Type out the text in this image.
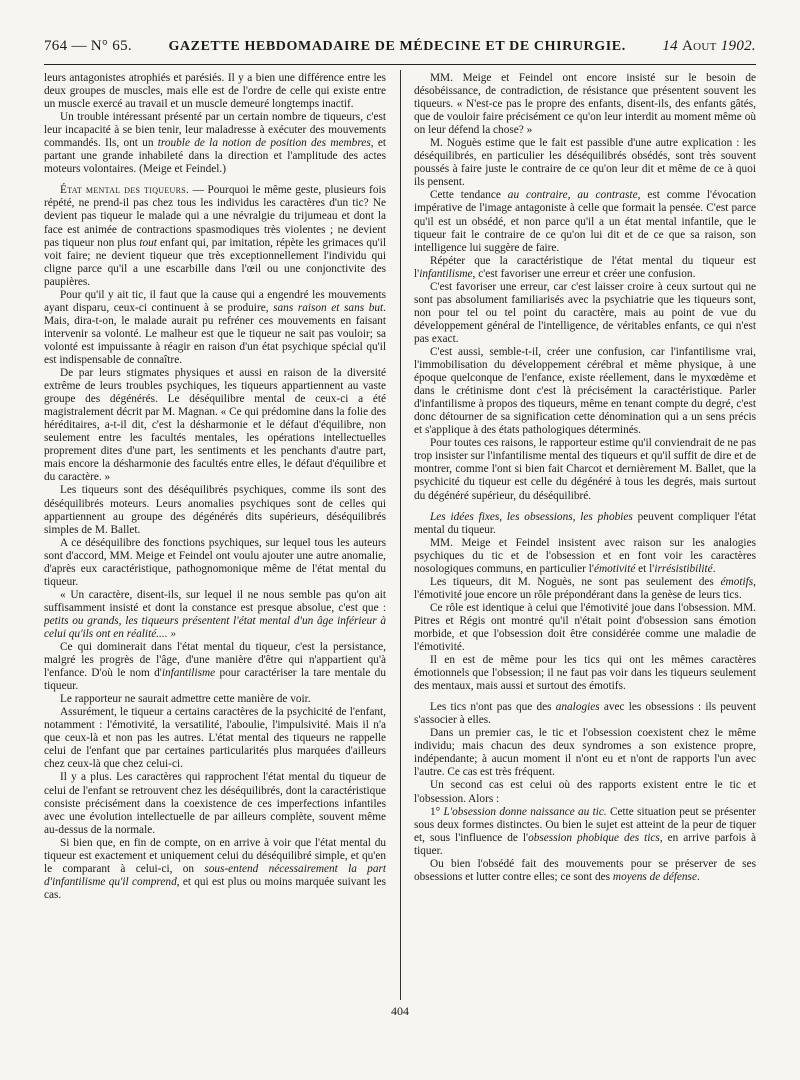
764 — N° 65.	GAZETTE HEBDOMADAIRE DE MÉDECINE ET DE CHIRURGIE. 14 Aout 1902.

leurs antagonistes atrophiés et parésiés. Il y a bien une différence entre les deux groupes de muscles, mais elle est de l'ordre de celle qui existe entre un muscle exercé au travail et un muscle demeuré longtemps inactif.

Un trouble intéressant présenté par un certain nombre de tiqueurs, c'est leur incapacité à se bien tenir, leur maladresse à exécuter des mouvements commandés. Ils, ont un trouble de la notion de position des membres, et partant une grande inhabileté dans la direction et l'amplitude des actes moteurs volontaires. (Meige et Feindel.)

État mental des tiqueurs. — Pourquoi le même geste, plusieurs fois répété, ne prend-il pas chez tous les individus les caractères d'un tic? Ne devient pas tiqueur le malade qui a une névralgie du trijumeau et dont la face est animée de contractions spasmodiques très violentes ; ne devient pas tiqueur non plus tout enfant qui, par imitation, répète les grimaces qu'il voit faire; ne devient tiqueur que très exceptionnellement l'individu qui cligne parce qu'il a une escarbille dans l'œil ou une conjonctivite des paupières.

Pour qu'il y ait tic, il faut que la cause qui a engendré les mouvements ayant disparu, ceux-ci continuent à se produire, sans raison et sans but. Mais, dira-t-on, le malade aurait pu refréner ces mouvements en faisant intervenir sa volonté. Le malheur est que le tiqueur ne sait pas vouloir; sa volonté est impuissante à réagir en raison d'un état psychique spécial qu'il est indispensable de connaître.

De par leurs stigmates physiques et aussi en raison de la diversité extrême de leurs troubles psychiques, les tiqueurs appartiennent au vaste groupe des dégénérés. Le déséquilibre mental de ceux-ci a été magistralement décrit par M. Magnan. « Ce qui prédomine dans la folie des héréditaires, a-t-il dit, c'est la désharmonie et le défaut d'équilibre, non seulement entre les facultés mentales, les opérations intellectuelles proprement dites d'une part, les sentiments et les penchants d'autre part, mais encore la désharmonie des facultés entre elles, le défaut d'équilibre et du caractère. »

Les tiqueurs sont des déséquilibrés psychiques, comme ils sont des déséquilibrés moteurs. Leurs anomalies psychiques sont de celles qui appartiennent au groupe des dégénérés dits supérieurs, déséquilibrés simples de M. Ballet.

A ce déséquilibre des fonctions psychiques, sur lequel tous les auteurs sont d'accord, MM. Meige et Feindel ont voulu ajouter une autre anomalie, d'après eux caractéristique, pathognomonique même de l'état mental du tiqueur.

« Un caractère, disent-ils, sur lequel il ne nous semble pas qu'on ait suffisamment insisté et dont la constance est presque absolue, c'est que : petits ou grands, les tiqueurs présentent l'état mental d'un âge inférieur à celui qu'ils ont en réalité.... »

Ce qui dominerait dans l'état mental du tiqueur, c'est la persistance, malgré les progrès de l'âge, d'une manière d'être qui n'appartient qu'à l'enfance. D'où le nom d'infantilisme pour caractériser la tare mentale du tiqueur.

Le rapporteur ne saurait admettre cette manière de voir.

Assurément, le tiqueur a certains caractères de la psychicité de l'enfant, notamment : l'émotivité, la versatilité, l'aboulie, l'impulsivité. Mais il n'a que ceux-là et non pas les autres. L'état mental des tiqueurs ne rappelle celui de l'enfant que par certaines particularités plus marquées d'ailleurs chez ceux-là que chez celui-ci.

Il y a plus. Les caractères qui rapprochent l'état mental du tiqueur de celui de l'enfant se retrouvent chez les déséquilibrés, dont la caractéristique consiste précisément dans la coexistence de ces imperfections infantiles avec une évolution intellectuelle de par ailleurs complète, souvent même au-dessus de la normale.

Si bien que, en fin de compte, on en arrive à voir que l'état mental du tiqueur est exactement et uniquement celui du déséquilibré simple, et qu'en le comparant à celui-ci, on sous-entend nécessairement la part d'infantilisme qu'il comprend, et qui est plus ou moins marquée suivant les cas.

MM. Meige et Feindel ont encore insisté sur le besoin de désobéissance, de contradiction, de résistance que présentent souvent les tiqueurs. « N'est-ce pas le propre des enfants, disent-ils, des enfants gâtés, que de vouloir faire précisément ce qu'on leur interdit au moment même où on leur défend la chose? »

M. Noguès estime que le fait est passible d'une autre explication : les déséquilibrés, en particulier les déséquilibrés obsédés, sont très souvent poussés à faire juste le contraire de ce qu'on leur dit et même de ce à quoi ils pensent.

Cette tendance au contraire, au contraste, est comme l'évocation impérative de l'image antagoniste à celle que formait la pensée. C'est parce qu'il est un obsédé, et non parce qu'il a un état mental infantile, que le tiqueur fait le contraire de ce qu'on lui dit et de ce que sa raison, son intelligence lui suggère de faire.

Répéter que la caractéristique de l'état mental du tiqueur est l'infantilisme, c'est favoriser une erreur et créer une confusion.

C'est favoriser une erreur, car c'est laisser croire à ceux surtout qui ne sont pas absolument familiarisés avec la psychiatrie que les tiqueurs sont, non pour tel ou tel point du caractère, mais au point de vue du développement général de l'intelligence, de véritables enfants, ce qui n'est pas exact.

C'est aussi, semble-t-il, créer une confusion, car l'infantilisme vrai, l'immobilisation du développement cérébral et même physique, à une époque quelconque de l'enfance, existe réellement, dans le myxœdème et dans le crétinisme dont c'est là précisément la caractéristique. Parler d'infantilisme à propos des tiqueurs, même en tenant compte du degré, c'est donc détourner de sa signification cette dénomination qui a un sens précis et s'applique à des états pathologiques déterminés.

Pour toutes ces raisons, le rapporteur estime qu'il conviendrait de ne pas trop insister sur l'infantilisme mental des tiqueurs et qu'il suffit de dire et de montrer, comme l'ont si bien fait Charcot et dernièrement M. Ballet, que la psychicité du tiqueur est celle du dégénéré à tous les degrés, mais surtout du dégénéré supérieur, du déséquilibré.

Les idées fixes, les obsessions, les phobies peuvent compliquer l'état mental du tiqueur.

MM. Meige et Feindel insistent avec raison sur les analogies psychiques du tic et de l'obsession et en font voir les caractères nosologiques communs, en particulier l'émotivité et l'irrésistibilité.

Les tiqueurs, dit M. Noguès, ne sont pas seulement des émotifs, l'émotivité joue encore un rôle prépondérant dans la genèse de leurs tics.

Ce rôle est identique à celui que l'émotivité joue dans l'obsession. MM. Pitres et Régis ont montré qu'il n'était point d'obsession sans émotion morbide, et que l'obsession doit être considérée comme une maladie de l'émotivité.

Il en est de même pour les tics qui ont les mêmes caractères émotionnels que l'obsession; il ne faut pas voir dans les tiqueurs seulement des mentaux, mais aussi et surtout des émotifs.

Les tics n'ont pas que des analogies avec les obsessions : ils peuvent s'associer à elles.

Dans un premier cas, le tic et l'obsession coexistent chez le même individu; mais chacun des deux syndromes a son existence propre, indépendante; à aucun moment il n'ont eu et n'ont de rapports l'un avec l'autre. Ce cas est très fréquent.

Un second cas est celui où des rapports existent entre le tic et l'obsession. Alors :

1° L'obsession donne naissance au tic. Cette situation peut se présenter sous deux formes distinctes. Ou bien le sujet est atteint de la peur de tiquer et, sous l'influence de l'obsession phobique des tics, en arrive parfois à tiquer.

Ou bien l'obsédé fait des mouvements pour se préserver de ses obsessions et lutter contre elles; ce sont des moyens de défense.

404
